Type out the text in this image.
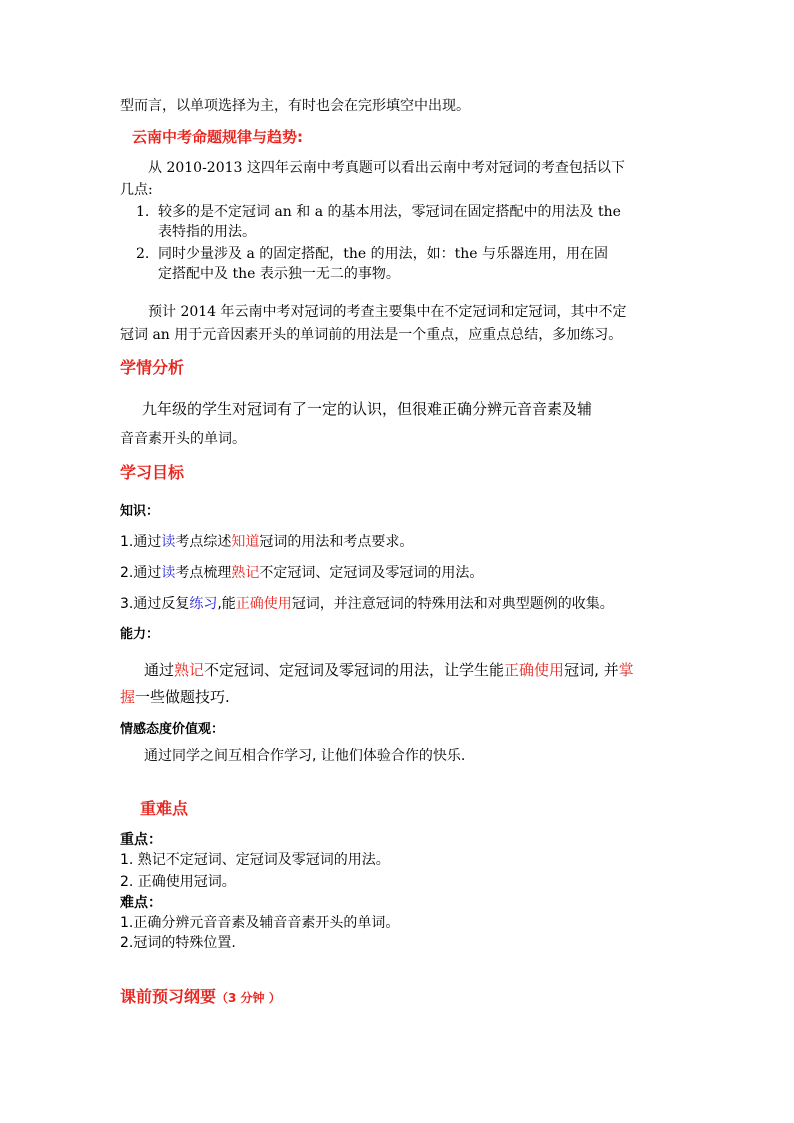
型而言，以单项选择为主，有时也会在完形填空中出现。
云南中考命题规律与趋势:
从 2010-2013 这四年云南中考真题可以看出云南中考对冠词的考查包括以下
几点:
1. 较多的是不定冠词 an 和 a 的基本用法，零冠词在固定搭配中的用法及 the
表特指的用法。
2. 同时少量涉及 a 的固定搭配，the 的用法，如：the 与乐器连用，用在固
定搭配中及 the 表示独一无二的事物。
预计 2014 年云南中考对冠词的考查主要集中在不定冠词和定冠词，其中不定
冠词 an 用于元音因素开头的单词前的用法是一个重点，应重点总结，多加练习。
学情分析
九年级的学生对冠词有了一定的认识，但很难正确分辨元音音素及辅
音音素开头的单词。
学习目标
知识：
1.通过读考点综述知道冠词的用法和考点要求。
2.通过读考点梳理熟记不定冠词、定冠词及零冠词的用法。
3.通过反复练习,能正确使用冠词，并注意冠词的特殊用法和对典型题例的收集。
能力：
通过熟记不定冠词、定冠词及零冠词的用法，让学生能正确使用冠词, 并掌
握一些做题技巧.
情感态度价值观：
通过同学之间互相合作学习, 让他们体验合作的快乐.
重难点
重点：
1. 熟记不定冠词、定冠词及零冠词的用法。
2. 正确使用冠词。
难点：
1.正确分辨元音音素及辅音音素开头的单词。
2.冠词的特殊位置.
课前预习纲要（3 分钟 ）
